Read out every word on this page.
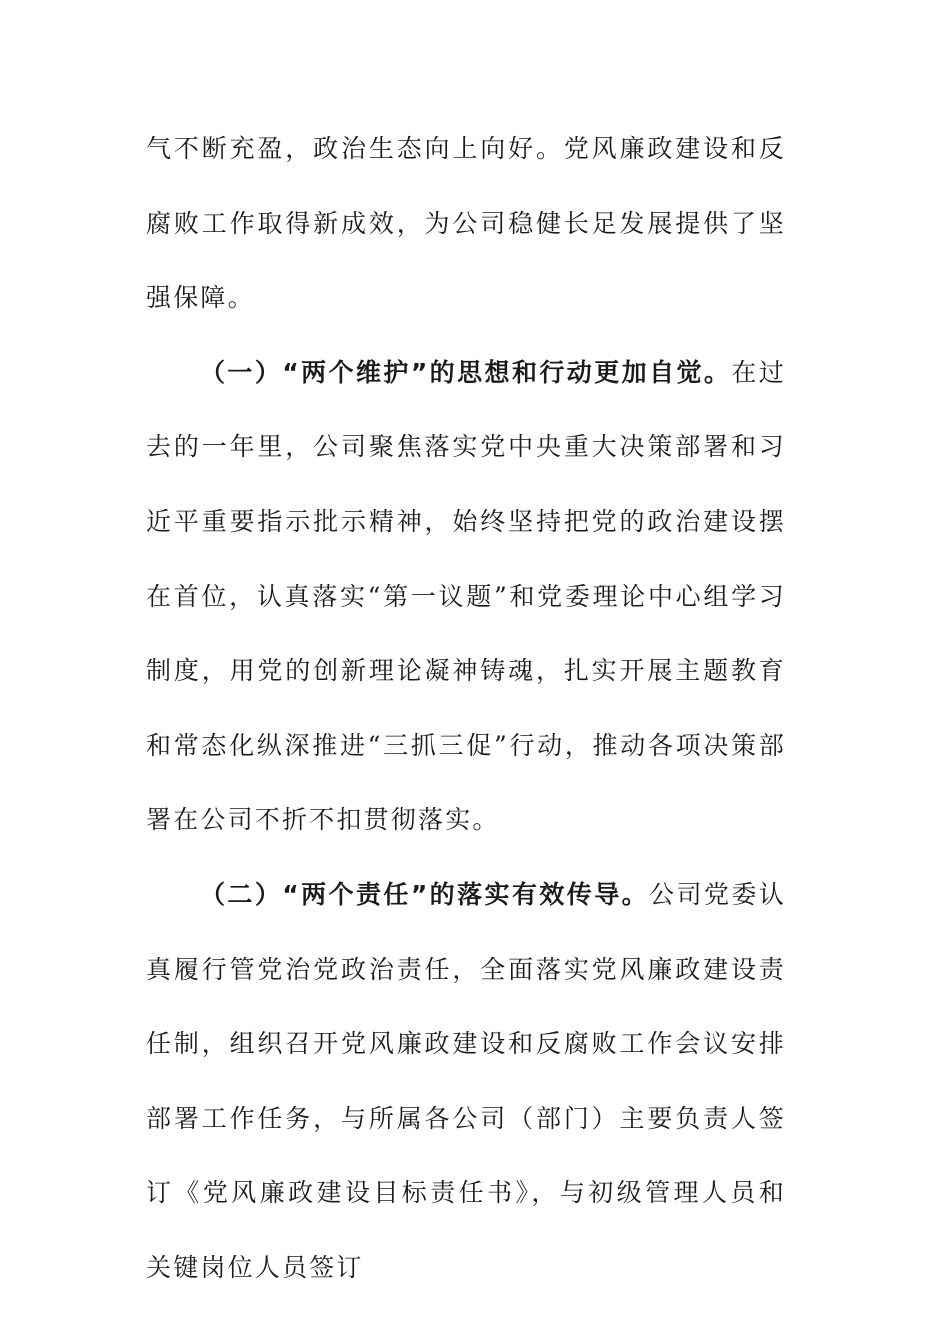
气不断充盈，政治生态向上向好。党风廉政建设和反腐败工作取得新成效，为公司稳健长足发展提供了坚强保障。

（一）“两个维护”的思想和行动更加自觉。在过去的一年里，公司聚焦落实党中央重大决策部署和习近平重要指示批示精神，始终坚持把党的政治建设摆在首位，认真落实“第一议题”和党委理论中心组学习制度，用党的创新理论凝神铸魂，扎实开展主题教育和常态化纵深推进“三抓三促”行动，推动各项决策部署在公司不折不扣贯彻落实。

（二）“两个责任”的落实有效传导。公司党委认真履行管党治党政治责任，全面落实党风廉政建设责任制，组织召开党风廉政建设和反腐败工作会议安排部署工作任务，与所属各公司（部门）主要负责人签订《党风廉政建设目标责任书》，与初级管理人员和关键岗位人员签订
